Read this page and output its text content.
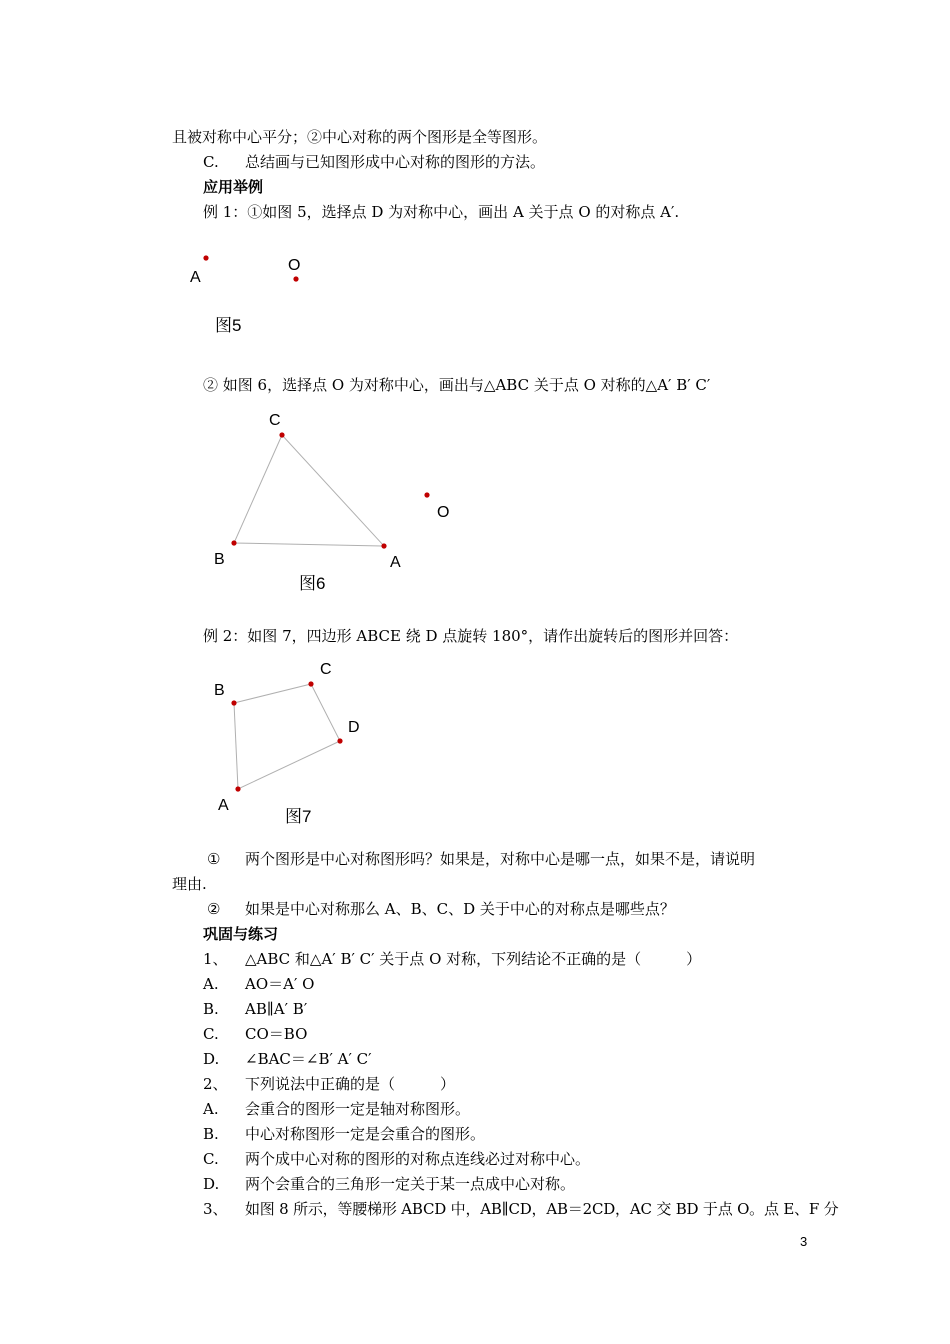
且被对称中心平分；②中心对称的两个图形是全等图形。
C. 总结画与已知图形成中心对称的图形的方法。
应用举例
例 1：①如图 5，选择点 D 为对称中心，画出 A 关于点 O 的对称点 A′.
A
O
图5
② 如图 6，选择点 O 为对称中心，画出与△ABC 关于点 O 对称的△A′ B′ C′
C
B	A
O
图6
例 2：如图 7，四边形 ABCE 绕 D 点旋转 180°，请作出旋转后的图形并回答：
B
C
D
A
图7
① 两个图形是中心对称图形吗？如果是，对称中心是哪一点，如果不是，请说明
理由.
② 如果是中心对称那么 A、B、C、D 关于中心的对称点是哪些点？
巩固与练习
1、 △ABC 和△A′ B′ C′ 关于点 O 对称，下列结论不正确的是（　　　）
A. AO＝A′ O
B. AB∥A′ B′
C. CO＝BO
D. ∠BAC＝∠B′ A′ C′
2、 下列说法中正确的是（　　　）
A. 会重合的图形一定是轴对称图形。
B. 中心对称图形一定是会重合的图形。
C. 两个成中心对称的图形的对称点连线必过对称中心。
D. 两个会重合的三角形一定关于某一点成中心对称。
3、 如图 8 所示，等腰梯形 ABCD 中，AB∥CD，AB＝2CD，AC 交 BD 于点 O。点 E、F 分
3
